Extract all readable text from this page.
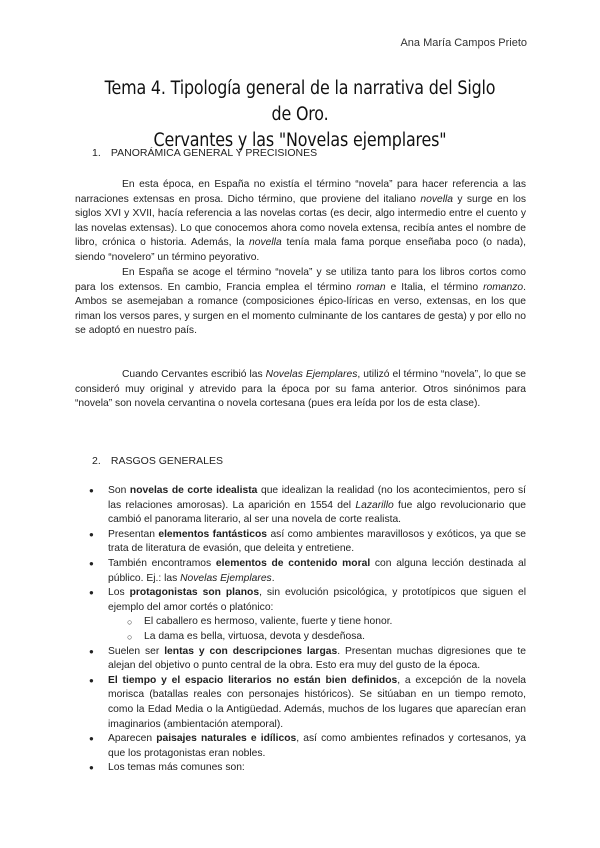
Ana María Campos Prieto
Tema 4. Tipología general de la narrativa del Siglo de Oro.
Cervantes y las "Novelas ejemplares"
1. PANORÁMICA GENERAL Y PRECISIONES

En esta época, en España no existía el término “novela” para hacer referencia a las narraciones extensas en prosa. Dicho término, que proviene del italiano novella y surge en los siglos XVI y XVII, hacía referencia a las novelas cortas (es decir, algo intermedio entre el cuento y las novelas extensas). Lo que conocemos ahora como novela extensa, recibía antes el nombre de libro, crónica o historia. Además, la novella tenía mala fama porque enseñaba poco (o nada), siendo “novelero” un término peyorativo.

En España se acoge el término “novela” y se utiliza tanto para los libros cortos como para los extensos. En cambio, Francia emplea el término roman e Italia, el término romanzo. Ambos se asemejaban a romance (composiciones épico-líricas en verso, extensas, en los que riman los versos pares, y surgen en el momento culminante de los cantares de gesta) y por ello no se adoptó en nuestro país.

Cuando Cervantes escribió las Novelas Ejemplares, utilizó el término “novela”, lo que se consideró muy original y atrevido para la época por su fama anterior. Otros sinónimos para “novela” son novela cervantina o novela cortesana (pues era leída por los de esta clase).

2. RASGOS GENERALES
● Son novelas de corte idealista que idealizan la realidad (no los acontecimientos, pero sí las relaciones amorosas). La aparición en 1554 del Lazarillo fue algo revolucionario que cambió el panorama literario, al ser una novela de corte realista.
● Presentan elementos fantásticos así como ambientes maravillosos y exóticos, ya que se trata de literatura de evasión, que deleita y entretiene.
● También encontramos elementos de contenido moral con alguna lección destinada al público. Ej.: las Novelas Ejemplares.
● Los protagonistas son planos, sin evolución psicológica, y prototípicos que siguen el ejemplo del amor cortés o platónico:
○ El caballero es hermoso, valiente, fuerte y tiene honor.
○ La dama es bella, virtuosa, devota y desdeñosa.
● Suelen ser lentas y con descripciones largas. Presentan muchas digresiones que te alejan del objetivo o punto central de la obra. Esto era muy del gusto de la época.
● El tiempo y el espacio literarios no están bien definidos, a excepción de la novela morisca (batallas reales con personajes históricos). Se sitúaban en un tiempo remoto, como la Edad Media o la Antigüedad. Además, muchos de los lugares que aparecían eran imaginarios (ambientación atemporal).
● Aparecen paisajes naturales e idílicos, así como ambientes refinados y cortesanos, ya que los protagonistas eran nobles.
● Los temas más comunes son:
